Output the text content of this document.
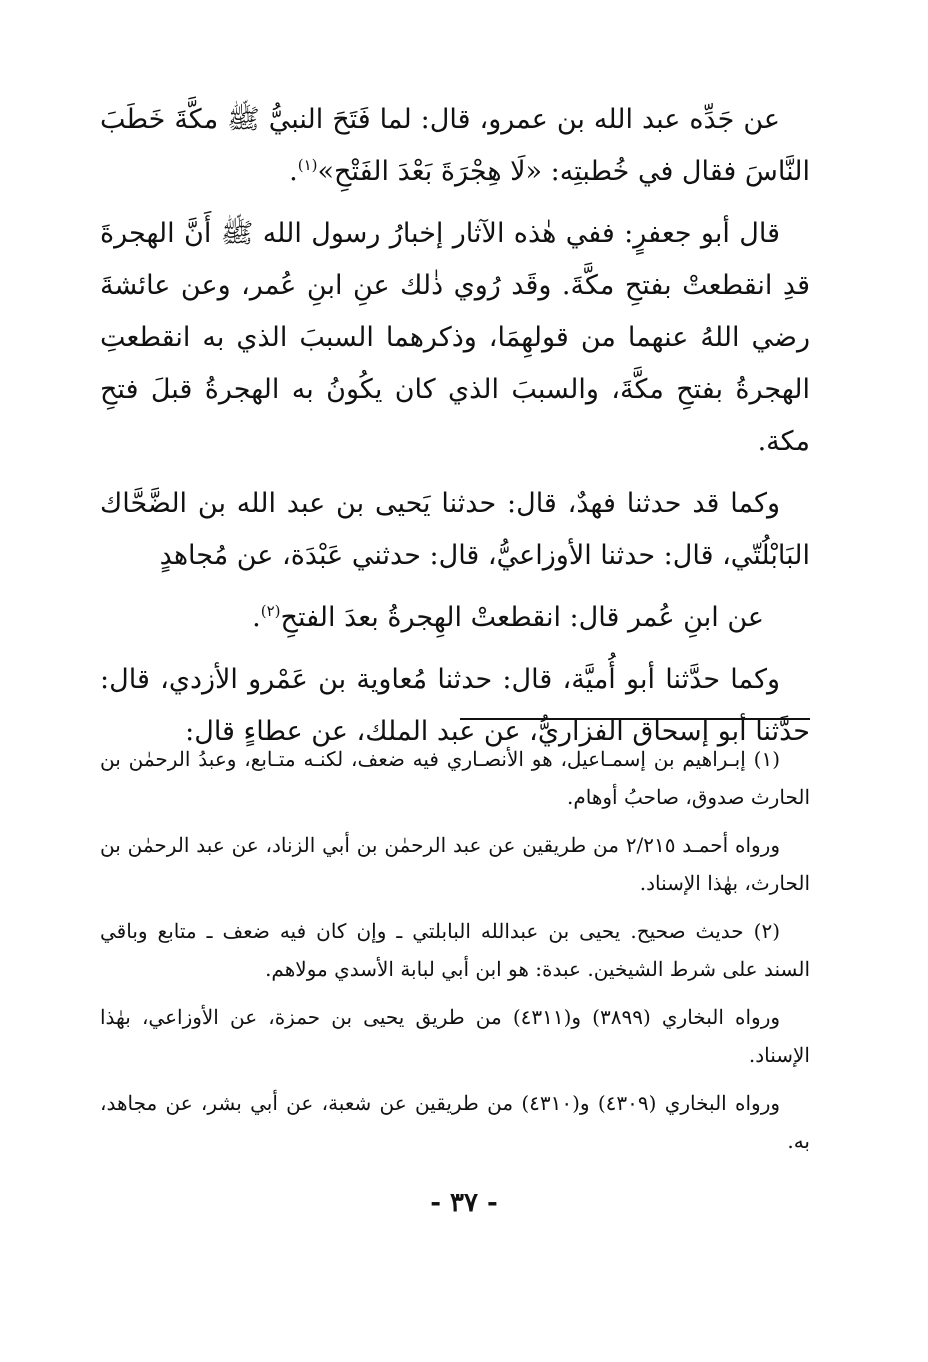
عن جَدِّه عبد الله بن عمرو، قال: لما فَتَحَ النبيُّ ﷺ مكَّةَ خَطَبَ النَّاسَ فقال في خُطبتِه: «لَا هِجْرَةَ بَعْدَ الفَتْحِ»$^{(١)}$.

قال أبو جعفرٍ: ففي هٰذه الآثار إخبارُ رسول الله ﷺ أَنَّ الهجرةَ قدِ انقطعتْ بفتحِ مكَّةَ. وقَد رُوي ذٰلك عنِ ابنِ عُمر، وعن عائشةَ رضي اللهُ عنهما من قولهِمَا، وذكرهما السببَ الذي به انقطعتِ الهجرةُ بفتحِ مكَّةَ، والسببَ الذي كان يكُونُ به الهجرةُ قبلَ فتحِ مكة.

وكما قد حدثنا فهدٌ، قال: حدثنا يَحيى بن عبد الله بن الضَّحَّاك البَابْلُتّي، قال: حدثنا الأوزاعيُّ، قال: حدثني عَبْدَة، عن مُجاهدٍ

عن ابنِ عُمر قال: انقطعتْ الهِجرةُ بعدَ الفتحِ$^{(٢)}$.

وكما حدَّثنا أبو أُميَّة، قال: حدثنا مُعاوية بن عَمْرو الأزدي، قال: حدَّثنا أبو إسحاق الفزاريُّ، عن عبد الملك، عن عطاءٍ قال:

(١) إبـراهيم بن إسمـاعيل، هو الأنصـاري فيه ضعف، لكنـه متـابع، وعبدُ الرحمٰن بن الحارث صدوق، صاحبُ أوهام.

ورواه أحمـد ٢/٢١٥ من طريقين عن عبد الرحمٰن بن أبي الزناد، عن عبد الرحمٰن بن الحارث، بهٰذا الإسناد.

(٢) حديث صحيح. يحيى بن عبدالله البابلتي ـ وإن كان فيه ضعف ـ متابع وباقي السند على شرط الشيخين. عبدة: هو ابن أبي لبابة الأسدي مولاهم.

ورواه البخاري (٣٨٩٩) و(٤٣١١) من طريق يحيى بن حمزة، عن الأوزاعي، بهٰذا الإسناد.

ورواه البخاري (٤٣٠٩) و(٤٣١٠) من طريقين عن شعبة، عن أبي بشر، عن مجاهد، به.

- ٣٧ -
